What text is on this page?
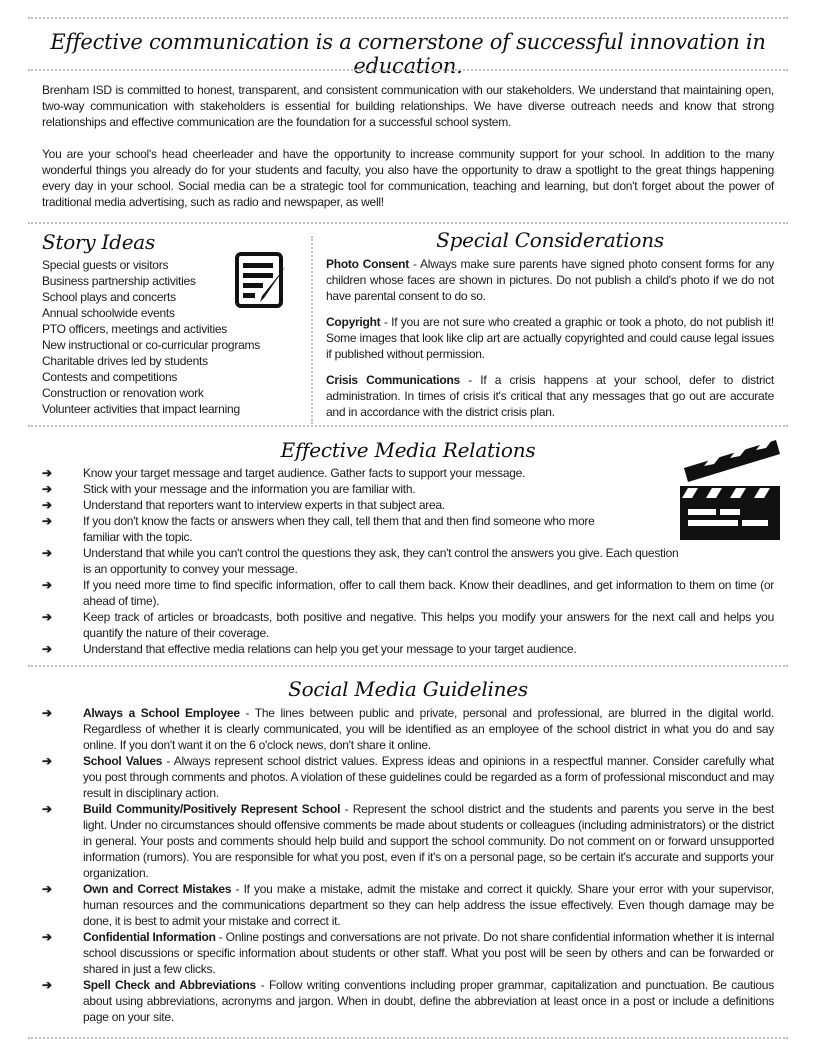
Effective communication is a cornerstone of successful innovation in education.
Brenham ISD is committed to honest, transparent, and consistent communication with our stakeholders. We understand that maintaining open, two-way communication with stakeholders is essential for building relationships. We have diverse outreach needs and know that strong relationships and effective communication are the foundation for a successful school system.
You are your school's head cheerleader and have the opportunity to increase community support for your school. In addition to the many wonderful things you already do for your students and faculty, you also have the opportunity to draw a spotlight to the great things happening every day in your school. Social media can be a strategic tool for communication, teaching and learning, but don't forget about the power of traditional media advertising, such as radio and newspaper, as well!
Story Ideas
Special guests or visitors
Business partnership activities
School plays and concerts
Annual schoolwide events
PTO officers, meetings and activities
New instructional or co-curricular programs
Charitable drives led by students
Contests and competitions
Construction or renovation work
Volunteer activities that impact learning
Special Considerations

Photo Consent - Always make sure parents have signed photo consent forms for any children whose faces are shown in pictures. Do not publish a child's photo if we do not have parental consent to do so.

Copyright - If you are not sure who created a graphic or took a photo, do not publish it! Some images that look like clip art are actually copyrighted and could cause legal issues if published without permission.

Crisis Communications - If a crisis happens at your school, defer to district administration. In times of crisis it's critical that any messages that go out are accurate and in accordance with the district crisis plan.

Effective Media Relations
➔	Know your target message and target audience. Gather facts to support your message.
➔	Stick with your message and the information you are familiar with.
➔	Understand that reporters want to interview experts in that subject area.
➔	If you don't know the facts or answers when they call, tell them that and then find someone who more familiar with the topic.
➔	Understand that while you can't control the questions they ask, they can't control the answers you give. Each question is an opportunity to convey your message.
➔	If you need more time to find specific information, offer to call them back. Know their deadlines, and get information to them on time (or ahead of time).
➔	Keep track of articles or broadcasts, both positive and negative. This helps you modify your answers for the next call and helps you quantify the nature of their coverage.
➔	Understand that effective media relations can help you get your message to your target audience.
Social Media Guidelines
➔	Always a School Employee - The lines between public and private, personal and professional, are blurred in the digital world. Regardless of whether it is clearly communicated, you will be identified as an employee of the school district in what you do and say online. If you don't want it on the 6 o'clock news, don't share it online.
➔	School Values - Always represent school district values. Express ideas and opinions in a respectful manner. Consider carefully what you post through comments and photos. A violation of these guidelines could be regarded as a form of professional misconduct and may result in disciplinary action.
➔	Build Community/Positively Represent School - Represent the school district and the students and parents you serve in the best light. Under no circumstances should offensive comments be made about students or colleagues (including administrators) or the district in general. Your posts and comments should help build and support the school community. Do not comment on or forward unsupported information (rumors). You are responsible for what you post, even if it's on a personal page, so be certain it's accurate and supports your organization.
➔	Own and Correct Mistakes - If you make a mistake, admit the mistake and correct it quickly. Share your error with your supervisor, human resources and the communications department so they can help address the issue effectively. Even though damage may be done, it is best to admit your mistake and correct it.
➔	Confidential Information - Online postings and conversations are not private. Do not share confidential information whether it is internal school discussions or specific information about students or other staff. What you post will be seen by others and can be forwarded or shared in just a few clicks.
➔	Spell Check and Abbreviations - Follow writing conventions including proper grammar, capitalization and punctuation. Be cautious about using abbreviations, acronyms and jargon. When in doubt, define the abbreviation at least once in a post or include a definitions page on your site.
